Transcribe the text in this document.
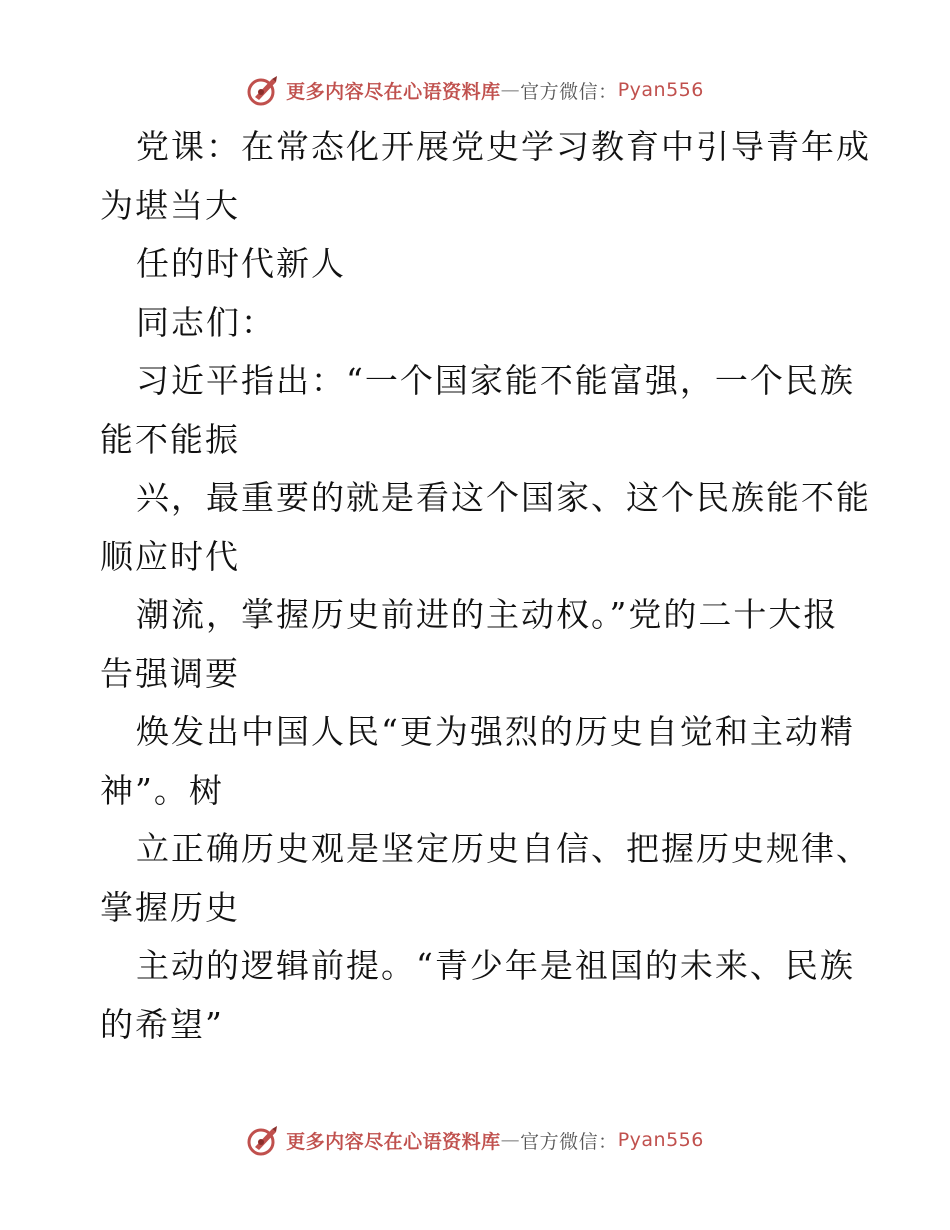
更多内容尽在心语资料库 — 官方微信： Pyan556
党课：在常态化开展党史学习教育中引导青年成
为堪当大
任的时代新人
同志们：
习近平指出：“一个国家能不能富强，一个民族
能不能振
兴，最重要的就是看这个国家、这个民族能不能
顺应时代
潮流，掌握历史前进的主动权。”党的二十大报
告强调要
焕发出中国人民“更为强烈的历史自觉和主动精
神”。树
立正确历史观是坚定历史自信、把握历史规律、
掌握历史
主动的逻辑前提。“青少年是祖国的未来、民族
的希望”
更多内容尽在心语资料库 — 官方微信： Pyan556
